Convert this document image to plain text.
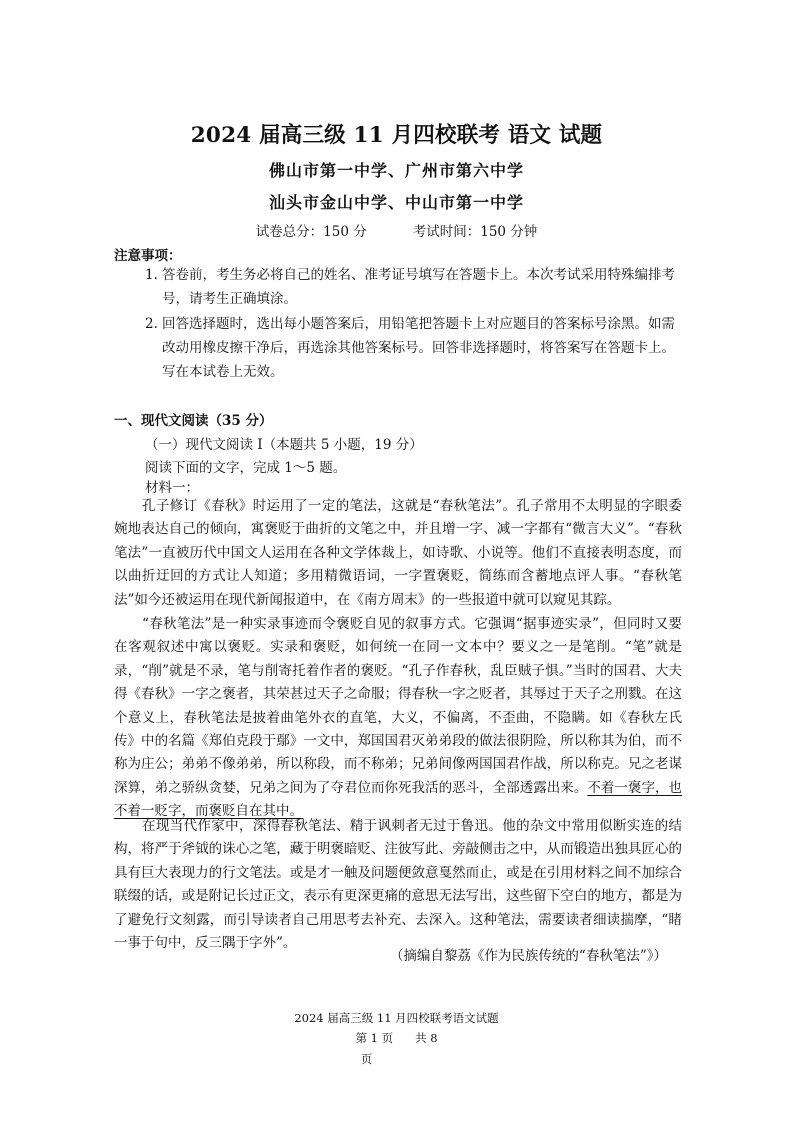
2024 届高三级 11 月四校联考 语文 试题
佛山市第一中学、广州市第六中学
汕头市金山中学、中山市第一中学
试卷总分：150 分	考试时间：150 分钟
注意事项：
1. 答卷前，考生务必将自己的姓名、准考证号填写在答题卡上。本次考试采用特殊编排考号，请考生正确填涂。
2. 回答选择题时，选出每小题答案后，用铅笔把答题卡上对应题目的答案标号涂黑。如需改动用橡皮擦干净后，再选涂其他答案标号。回答非选择题时，将答案写在答题卡上。写在本试卷上无效。
一、现代文阅读（35 分）
（一）现代文阅读 I（本题共 5 小题，19 分）
阅读下面的文字，完成 1～5 题。
材料一：
孔子修订《春秋》时运用了一定的笔法，这就是“春秋笔法”。孔子常用不太明显的字眼委婉地表达自己的倾向，寓褒贬于曲折的文笔之中，并且增一字、减一字都有“微言大义”。“春秋笔法”一直被历代中国文人运用在各种文学体裁上，如诗歌、小说等。他们不直接表明态度，而以曲折迂回的方式让人知道；多用精微语词，一字置褒贬，简练而含蓄地点评人事。“春秋笔法”如今还被运用在现代新闻报道中，在《南方周末》的一些报道中就可以窥见其踪。
“春秋笔法”是一种实录事迹而令褒贬自见的叙事方式。它强调“据事迹实录”，但同时又要在客观叙述中寓以褒贬。实录和褒贬，如何统一在同一文本中？要义之一是笔削。“笔”就是录，“削”就是不录，笔与削寄托着作者的褒贬。“孔子作春秋，乱臣贼子惧。”当时的国君、大夫得《春秋》一字之褒者，其荣甚过天子之命服；得春秋一字之贬者，其辱过于天子之刑戮。在这个意义上，春秋笔法是披着曲笔外衣的直笔，大义，不偏离，不歪曲，不隐瞒。如《春秋左氏传》中的名篇《郑伯克段于鄢》一文中，郑国国君灭弟弟段的做法很阴险，所以称其为伯，而不称为庄公；弟弟不像弟弟，所以称段，而不称弟；兄弟间像两国国君作战，所以称克。兄之老谋深算，弟之骄纵贪婪，兄弟之间为了夺君位而你死我活的恶斗，全部透露出来。不着一褒字，也不着一贬字，而褒贬自在其中。
在现当代作家中，深得春秋笔法、精于讽刺者无过于鲁迅。他的杂文中常用似断实连的结构，将严于斧钺的诛心之笔，藏于明褒暗贬、注彼写此、旁敲侧击之中，从而锻造出独具匠心的具有巨大表现力的行文笔法。或是才一触及问题便敛意戛然而止，或是在引用材料之间不加综合联缀的话，或是附记长过正文，表示有更深更痛的意思无法写出，这些留下空白的地方，都是为了避免行文刻露，而引导读者自己用思考去补充、去深入。这种笔法，需要读者细读揣摩，“睹一事于句中，反三隅于字外”。
（摘编自黎荔《作为民族传统的“春秋笔法”》）
2024 届高三级 11 月四校联考语文试题
第 1 页 共 8
页
